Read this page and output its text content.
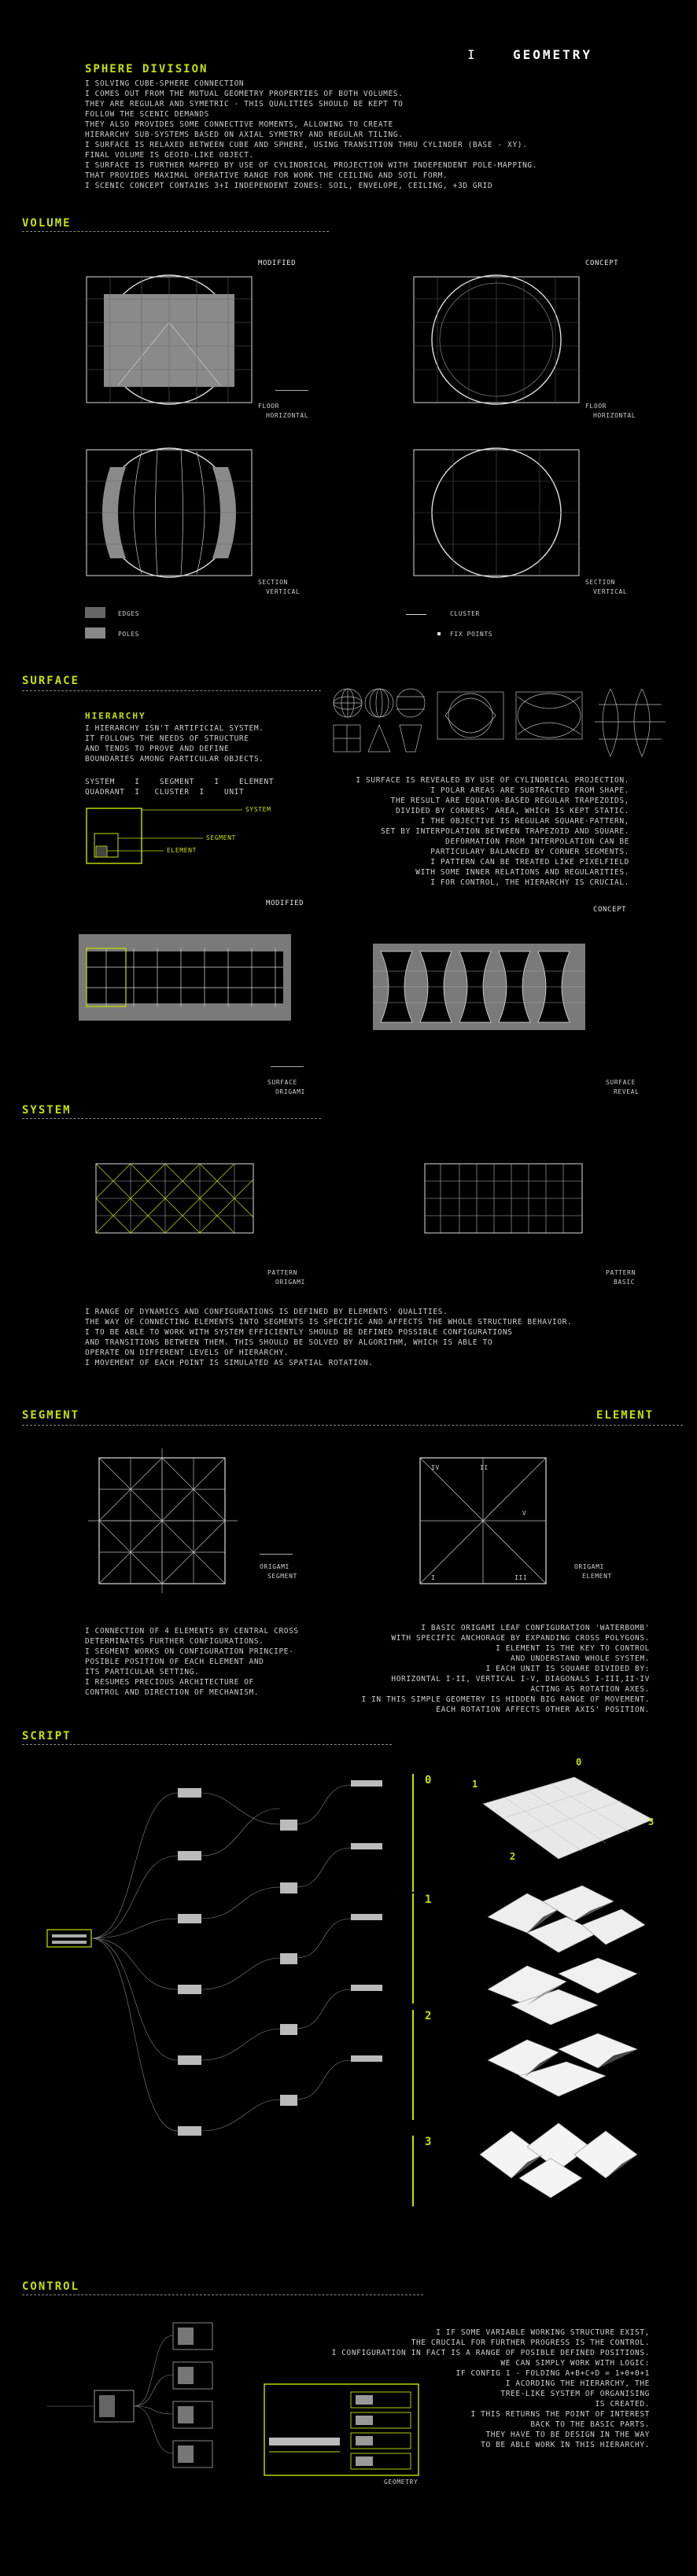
I	GEOMETRY
SPHERE DIVISION
I SOLVING CUBE-SPHERE CONNECTION
I COMES OUT FROM THE MUTUAL GEOMETRY PROPERTIES OF BOTH VOLUMES.
THEY ARE REGULAR AND SYMETRIC - THIS QUALITIES SHOULD BE KEPT TO
FOLLOW THE SCENIC DEMANDS
THEY ALSO PROVIDES SOME CONNECTIVE MOMENTS, ALLOWING TO CREATE
HIERARCHY SUB-SYSTEMS BASED ON AXIAL SYMETRY AND REGULAR TILING.
I SURFACE IS RELAXED BETWEEN CUBE AND SPHERE, USING TRANSITION THRU CYLINDER (BASE - XY).
FINAL VOLUME IS GEOID-LIKE OBJECT.
I SURFACE IS FURTHER MAPPED BY USE OF CYLINDRICAL PROJECTION WITH INDEPENDENT POLE-MAPPING.
THAT PROVIDES MAXIMAL OPERATIVE RANGE FOR WORK THE CEILING AND SOIL FORM.
I SCENIC CONCEPT CONTAINS 3+I INDEPENDENT ZONES: SOIL, ENVELOPE, CEILING, +3D GRID
VOLUME
MODIFIED	CONCEPT
FLOOR
HORIZONTAL
FLOOR
HORIZONTAL
SECTION
VERTICAL
SECTION
VERTICAL
EDGES
POLES
CLUSTER
FIX POINTS
SURFACE
HIERARCHY
I HIERARCHY ISN'T ARTIFICIAL SYSTEM.
IT FOLLOWS THE NEEDS OF STRUCTURE
AND TENDS TO PROVE AND DEFINE
BOUNDARIES AMONG PARTICULAR OBJECTS.
SYSTEM	I	SEGMENT	I	ELEMENT
QUADRANT I CLUSTER I	UNIT
SYSTEM
SEGMENT
ELEMENT
I SURFACE IS REVEALED BY USE OF CYLINDRICAL PROJECTION.
I POLAR AREAS ARE SUBTRACTED FROM SHAPE.
THE RESULT ARE EQUATOR-BASED REGULAR TRAPEZOIDS,
DIVIDED BY CORNERS' AREA, WHICH IS KEPT STATIC.
I THE OBJECTIVE IS REGULAR SQUARE-PATTERN,
SET BY INTERPOLATION BETWEEN TRAPEZOID AND SQUARE.
DEFORMATION FROM INTERPOLATION CAN BE
PARTICULARY BALANCED BY CORNER SEGMENTS.
I PATTERN CAN BE TREATED LIKE PIXELFIELD
WITH SOME INNER RELATIONS AND REGULARITIES.
I FOR CONTROL, THE HIERARCHY IS CRUCIAL.
MODIFIED
CONCEPT
SURFACE
ORIGAMI
SURFACE
REVEAL
SYSTEM
PATTERN
ORIGAMI
PATTERN
BASIC
I RANGE OF DYNAMICS AND CONFIGURATIONS IS DEFINED BY ELEMENTS' QUALITIES.
THE WAY OF CONNECTING ELEMENTS INTO SEGMENTS IS SPECIFIC AND AFFECTS THE WHOLE STRUCTURE BEHAVIOR.
I TO BE ABLE TO WORK WITH SYSTEM EFFICIENTLY SHOULD BE DEFINED POSSIBLE CONFIGURATIONS
AND TRANSITIONS BETWEEN THEM. THIS SHOULD BE SOLVED BY ALGORITHM, WHICH IS ABLE TO
OPERATE ON DIFFERENT LEVELS OF HIERARCHY.
I MOVEMENT OF EACH POINT IS SIMULATED AS SPATIAL ROTATION.
SEGMENT	ELEMENT
ORIGAMI
SEGMENT	I
II
III
IV
V
ORIGAMI
ELEMENT
I CONNECTION OF 4 ELEMENTS BY CENTRAL CROSS
DETERMINATES FURTHER CONFIGURATIONS.
I SEGMENT WORKS ON CONFIGURATION PRINCIPE-
POSIBLE POSITION OF EACH ELEMENT AND
ITS PARTICULAR SETTING.
I RESUMES PRECIOUS ARCHITECTURE OF
CONTROL AND DIRECTION OF MECHANISM.
I BASIC ORIGAMI LEAF CONFIGURATION 'WATERBOMB'
WITH SPECIFIC ANCHORAGE BY EXPANDING CROSS POLYGONS.
I ELEMENT IS THE KEY TO CONTROL
AND UNDERSTAND WHOLE SYSTEM.
I EACH UNIT IS SQUARE DIVIDED BY:
HORIZONTAL I-II, VERTICAL I-V, DIAGONALS I-III,II-IV
ACTING AS ROTATION AXES.
I IN THIS SIMPLE GEOMETRY IS HIDDEN BIG RANGE OF MOVEMENT.
EACH ROTATION AFFECTS OTHER AXIS' POSITION.
SCRIPT
0
1
2
3
0
1
2
3
CONTROL
GEOMETRY
I IF SOME VARIABLE WORKING STRUCTURE EXIST,
THE CRUCIAL FOR FURTHER PROGRESS IS THE CONTROL.
I CONFIGURATION IN FACT IS A RANGE OF POSIBLE DEFINED POSITIONS.
WE CAN SIMPLY WORK WITH LOGIC:
IF CONFIG 1 - FOLDING A+B+C+D = 1+0+0+1
I ACORDING THE HIERARCHY, THE
TREE-LIKE SYSTEM OF ORGANISING
IS CREATED.
I THIS RETURNS THE POINT OF INTEREST
BACK TO THE BASIC PARTS.
THEY HAVE TO BE DESIGN IN THE WAY
TO BE ABLE WORK IN THIS HIERARCHY.
